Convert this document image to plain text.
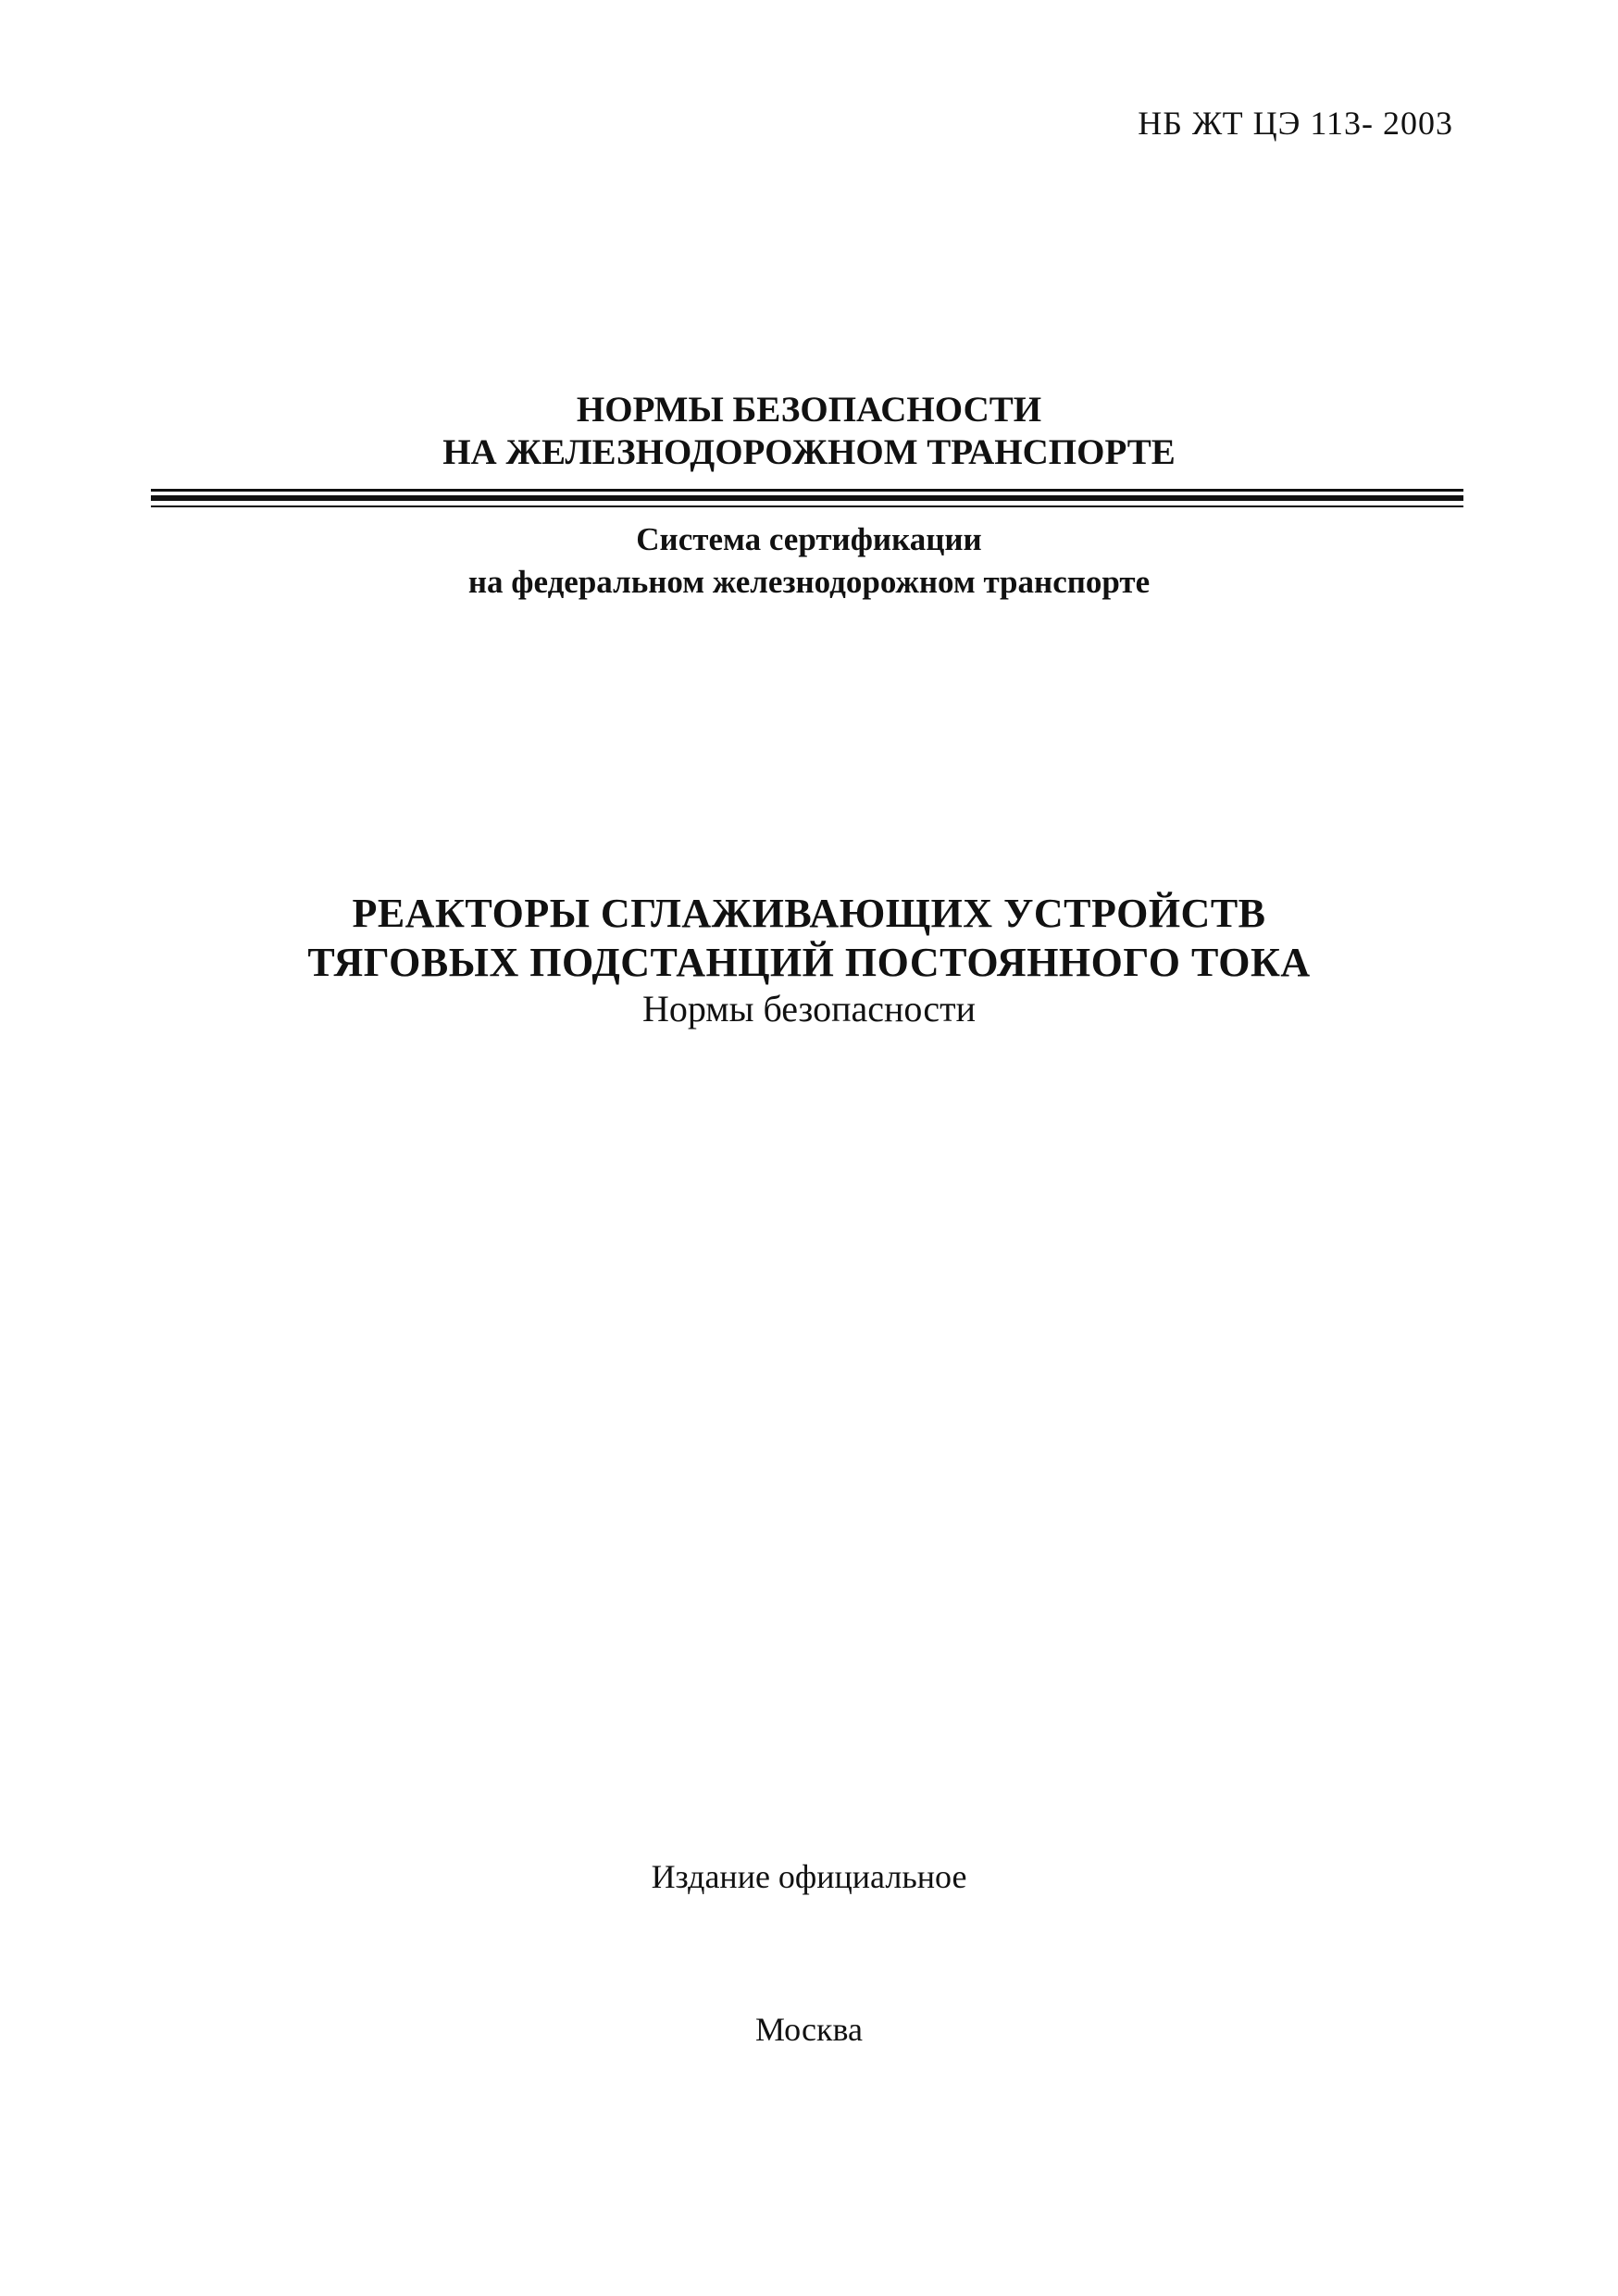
НБ ЖТ ЦЭ 113- 2003
НОРМЫ БЕЗОПАСНОСТИ
НА ЖЕЛЕЗНОДОРОЖНОМ ТРАНСПОРТЕ
Система сертификации
на федеральном железнодорожном транспорте
РЕАКТОРЫ СГЛАЖИВАЮЩИХ УСТРОЙСТВ
ТЯГОВЫХ ПОДСТАНЦИЙ ПОСТОЯННОГО ТОКА
Нормы безопасности
Издание официальное
Москва
